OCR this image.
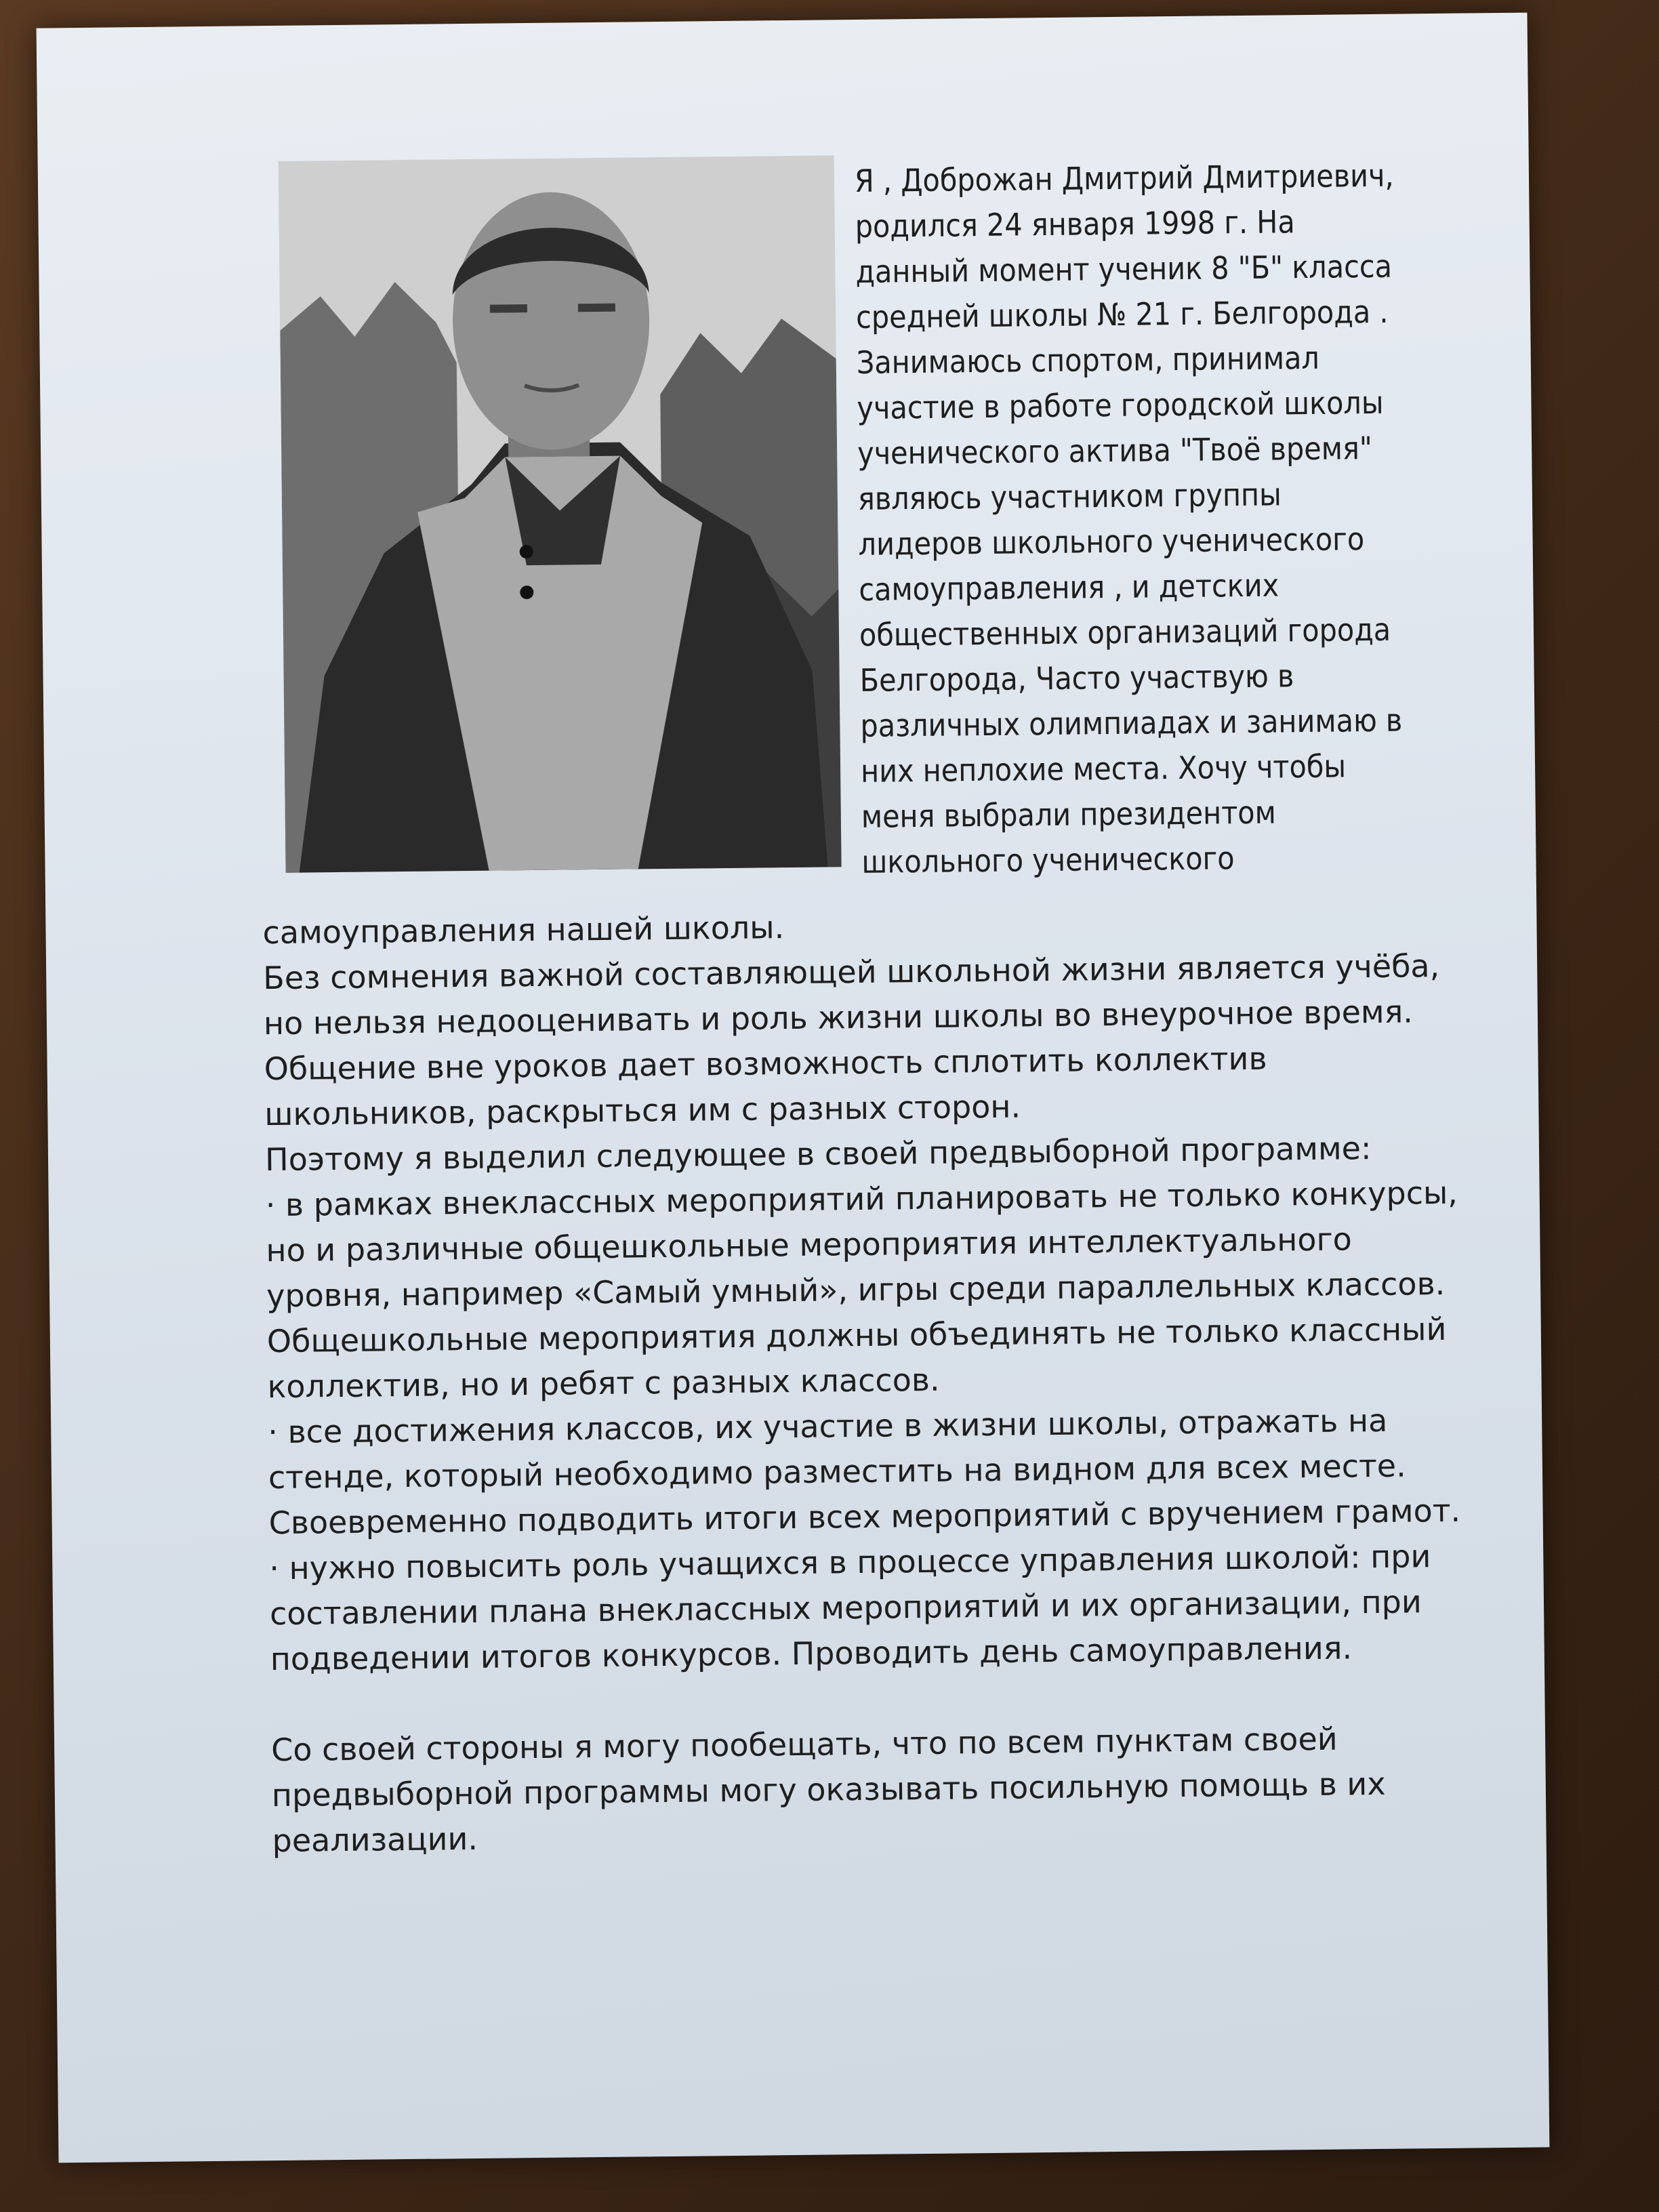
Я , Доброжан Дмитрий Дмитриевич,

родился 24 января 1998 г. На

данный момент ученик 8 "Б" класса

средней школы № 21 г. Белгорода .

Занимаюсь спортом, принимал

участие в работе городской школы

ученического актива "Твоё время"

являюсь участником группы

лидеров школьного ученического

самоуправления , и детских

общественных организаций города

Белгорода, Часто участвую в

различных олимпиадах и занимаю в

них неплохие места. Хочу чтобы

меня выбрали президентом

школьного ученического

самоуправления нашей школы.

Без сомнения важной составляющей школьной жизни является учёба,

но нельзя недооценивать и роль жизни школы во внеурочное время.

Общение вне уроков дает возможность сплотить коллектив

школьников, раскрыться им с разных сторон.

Поэтому я выделил следующее в своей предвыборной программе:

· в рамках внеклассных мероприятий планировать не только конкурсы,

но и различные общешкольные мероприятия интеллектуального

уровня, например «Самый умный», игры среди параллельных классов.

Общешкольные мероприятия должны объединять не только классный

коллектив, но и ребят с разных классов.

· все достижения классов, их участие в жизни школы, отражать на

стенде, который необходимо разместить на видном для всех месте.

Своевременно подводить итоги всех мероприятий с вручением грамот.

· нужно повысить роль учащихся в процессе управления школой: при

составлении плана внеклассных мероприятий и их организации, при

подведении итогов конкурсов. Проводить день самоуправления.

Со своей стороны я могу пообещать, что по всем пунктам своей

предвыборной программы могу оказывать посильную помощь в их

реализации.
